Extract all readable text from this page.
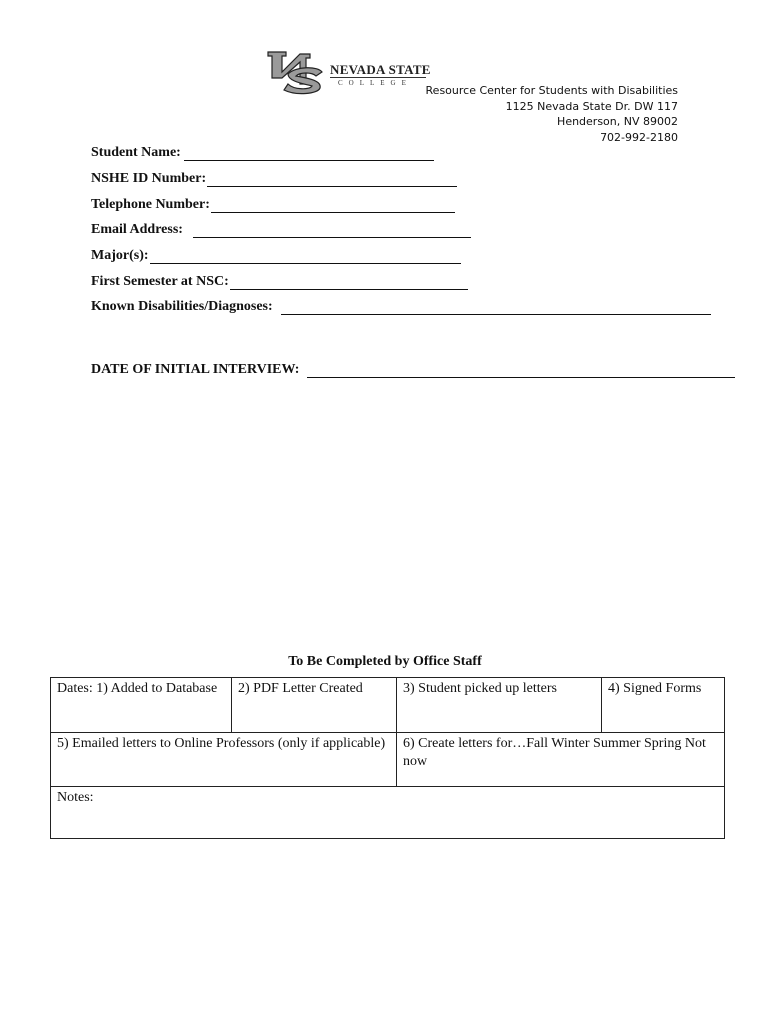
NEVADA STATE
COLLEGE
Resource Center for Students with Disabilities
1125 Nevada State Dr. DW 117
Henderson, NV 89002
702-992-2180
Student Name:
NSHE ID Number:
Telephone Number:
Email Address:
Major(s):
First Semester at NSC:
Known Disabilities/Diagnoses:
DATE OF INITIAL INTERVIEW:
To Be Completed by Office Staff
Dates: 1) Added to Database	2) PDF Letter Created	3) Student picked up letters	4) Signed Forms
5) Emailed letters to Online Professors (only if applicable)		6) Create letters for…Fall Winter Summer Spring Not now	
Notes:			
